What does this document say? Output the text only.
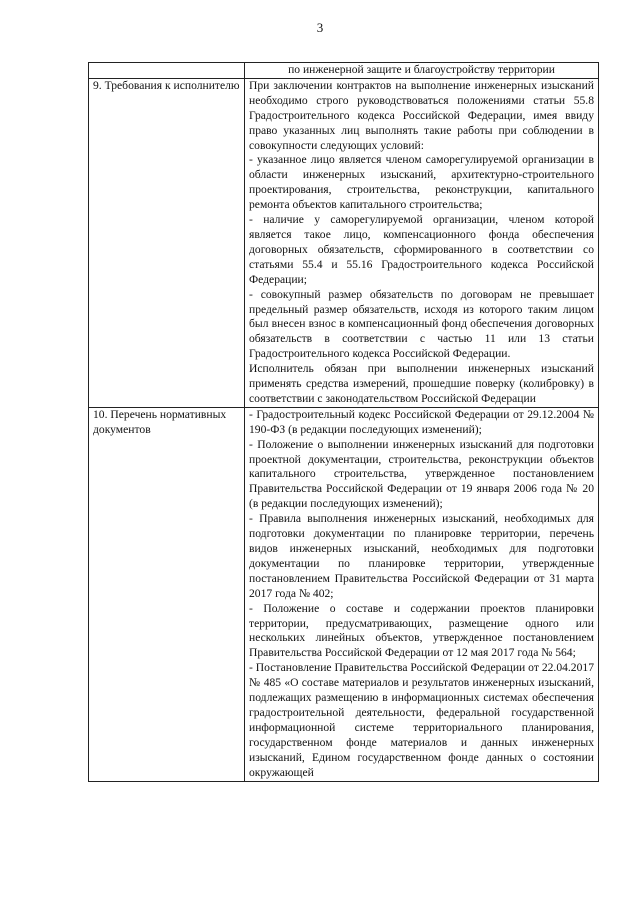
3

	по инженерной защите и благоустройству территории

9. Требования к исполнителю	При заключении контрактов на выполнение инженерных изысканий необходимо строго руководствоваться положениями статьи 55.8 Градостроительного кодекса Российской Федерации, имея ввиду право указанных лиц выполнять такие работы при соблюдении в совокупности следующих условий:

- указанное лицо является членом саморегулируемой организации в области инженерных изысканий, архитектурно-строительного проектирования, строительства, реконструкции, капитального ремонта объектов капитального строительства;

- наличие у саморегулируемой организации, членом которой является такое лицо, компенсационного фонда обеспечения договорных обязательств, сформированного в соответствии со статьями 55.4 и 55.16 Градостроительного кодекса Российской Федерации;

- совокупный размер обязательств по договорам не превышает предельный размер обязательств, исходя из которого таким лицом был внесен взнос в компенсационный фонд обеспечения договорных обязательств в соответствии с частью 11 или 13 статьи Градостроительного кодекса Российской Федерации.

Исполнитель обязан при выполнении инженерных изысканий применять средства измерений, прошедшие поверку (колибровку) в соответствии с законодательством Российской Федерации

10. Перечень нормативных документов	- Градостроительный кодекс Российской Федерации от 29.12.2004 № 190-ФЗ (в редакции последующих изменений);

- Положение о выполнении инженерных изысканий для подготовки проектной документации, строительства, реконструкции объектов капитального строительства, утвержденное постановлением Правительства Российской Федерации от 19 января 2006 года № 20 (в редакции последующих изменений);

- Правила выполнения инженерных изысканий, необходимых для подготовки документации по планировке территории, перечень видов инженерных изысканий, необходимых для подготовки документации по планировке территории, утвержденные постановлением Правительства Российской Федерации от 31 марта 2017 года № 402;

- Положение о составе и содержании проектов планировки территории, предусматривающих, размещение одного или нескольких линейных объектов, утвержденное постановлением Правительства Российской Федерации от 12 мая 2017 года № 564;

- Постановление Правительства Российской Федерации от 22.04.2017 № 485 «О составе материалов и результатов инженерных изысканий, подлежащих размещению в информационных системах обеспечения градостроительной деятельности, федеральной государственной информационной системе территориального планирования, государственном фонде материалов и данных инженерных изысканий, Едином государственном фонде данных о состоянии окружающей
